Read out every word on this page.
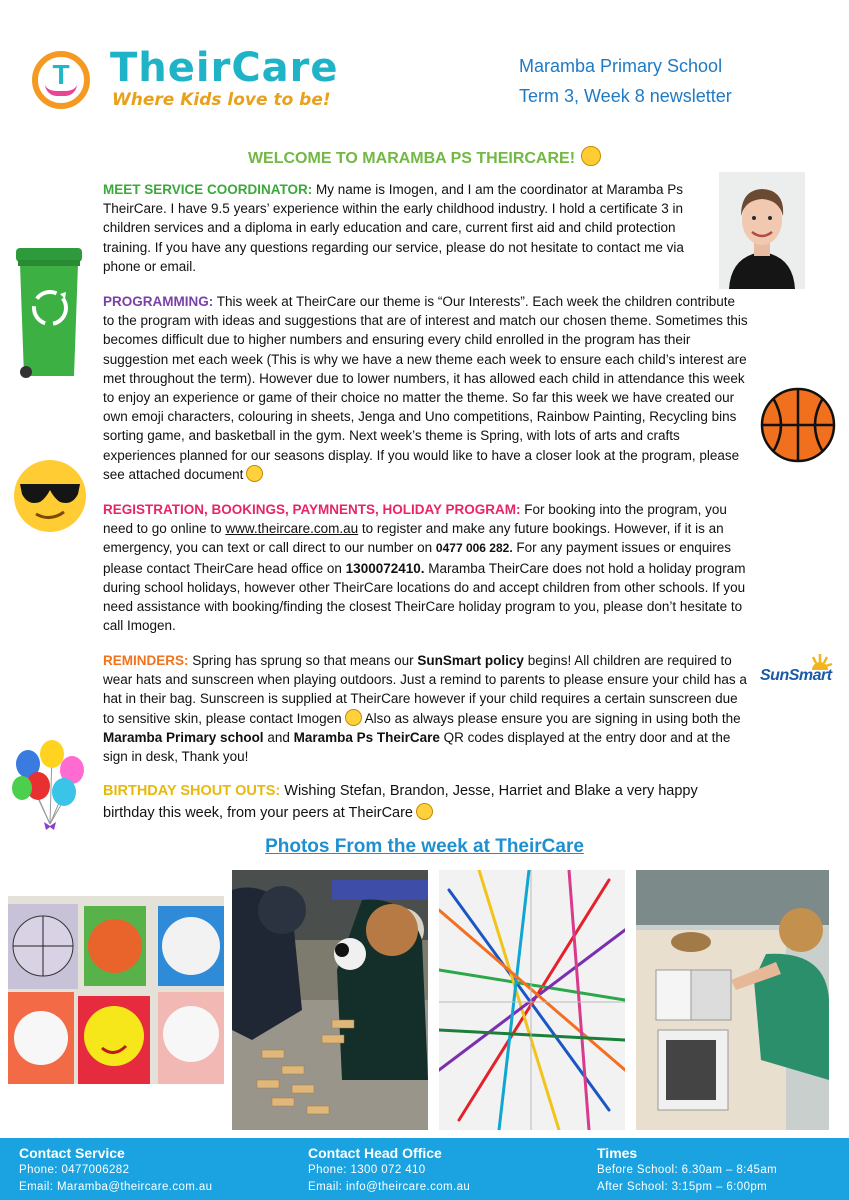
T TheirCare
Where Kids love to be!
Maramba Primary School
Term 3, Week 8 newsletter
WELCOME TO MARAMBA PS THEIRCARE!
MEET SERVICE COORDINATOR: My name is Imogen, and I am the coordinator at Maramba Ps TheirCare. I have 9.5 years’ experience within the early childhood industry. I hold a certificate 3 in children services and a diploma in early education and care, current first aid and child protection training. If you have any questions regarding our service, please do not hesitate to contact me via phone or email.
PROGRAMMING: This week at TheirCare our theme is “Our Interests”. Each week the children contribute to the program with ideas and suggestions that are of interest and match our chosen theme. Sometimes this becomes difficult due to higher numbers and ensuring every child enrolled in the program has their suggestion met each week (This is why we have a new theme each week to ensure each child’s interest are met throughout the term). However due to lower numbers, it has allowed each child in attendance this week to enjoy an experience or game of their choice no matter the theme. So far this week we have created our own emoji characters, colouring in sheets, Jenga and Uno competitions, Rainbow Painting, Recycling bins sorting game, and basketball in the gym. Next week’s theme is Spring, with lots of arts and crafts experiences planned for our seasons display. If you would like to have a closer look at the program, please see attached document
REGISTRATION, BOOKINGS, PAYMNENTS, HOLIDAY PROGRAM: For booking into the program, you need to go online to www.theircare.com.au to register and make any future bookings. However, if it is an emergency, you can text or call direct to our number on 0477 006 282. For any payment issues or enquires please contact TheirCare head office on 1300072410. Maramba TheirCare does not hold a holiday program during school holidays, however other TheirCare locations do and accept children from other schools. If you need assistance with booking/finding the closest TheirCare holiday program to you, please don’t hesitate to call Imogen.
SunSmart
REMINDERS: Spring has sprung so that means our SunSmart policy begins! All children are required to wear hats and sunscreen when playing outdoors. Just a remind to parents to please ensure your child has a hat in their bag. Sunscreen is supplied at TheirCare however if your child requires a certain sunscreen due to sensitive skin, please contact Imogen Also as always please ensure you are signing in using both the Maramba Primary school and Maramba Ps TheirCare QR codes displayed at the entry door and at the sign in desk, Thank you!
BIRTHDAY SHOUT OUTS: Wishing Stefan, Brandon, Jesse, Harriet and Blake a very happy birthday this week, from your peers at TheirCare
Photos From the week at TheirCare
Contact Service
Phone: 0477006282
Email: Maramba@theircare.com.au
Contact Head Office
Phone: 1300 072 410
Email: info@theircare.com.au
Times
Before School: 6.30am – 8:45am
After School: 3:15pm – 6:00pm
